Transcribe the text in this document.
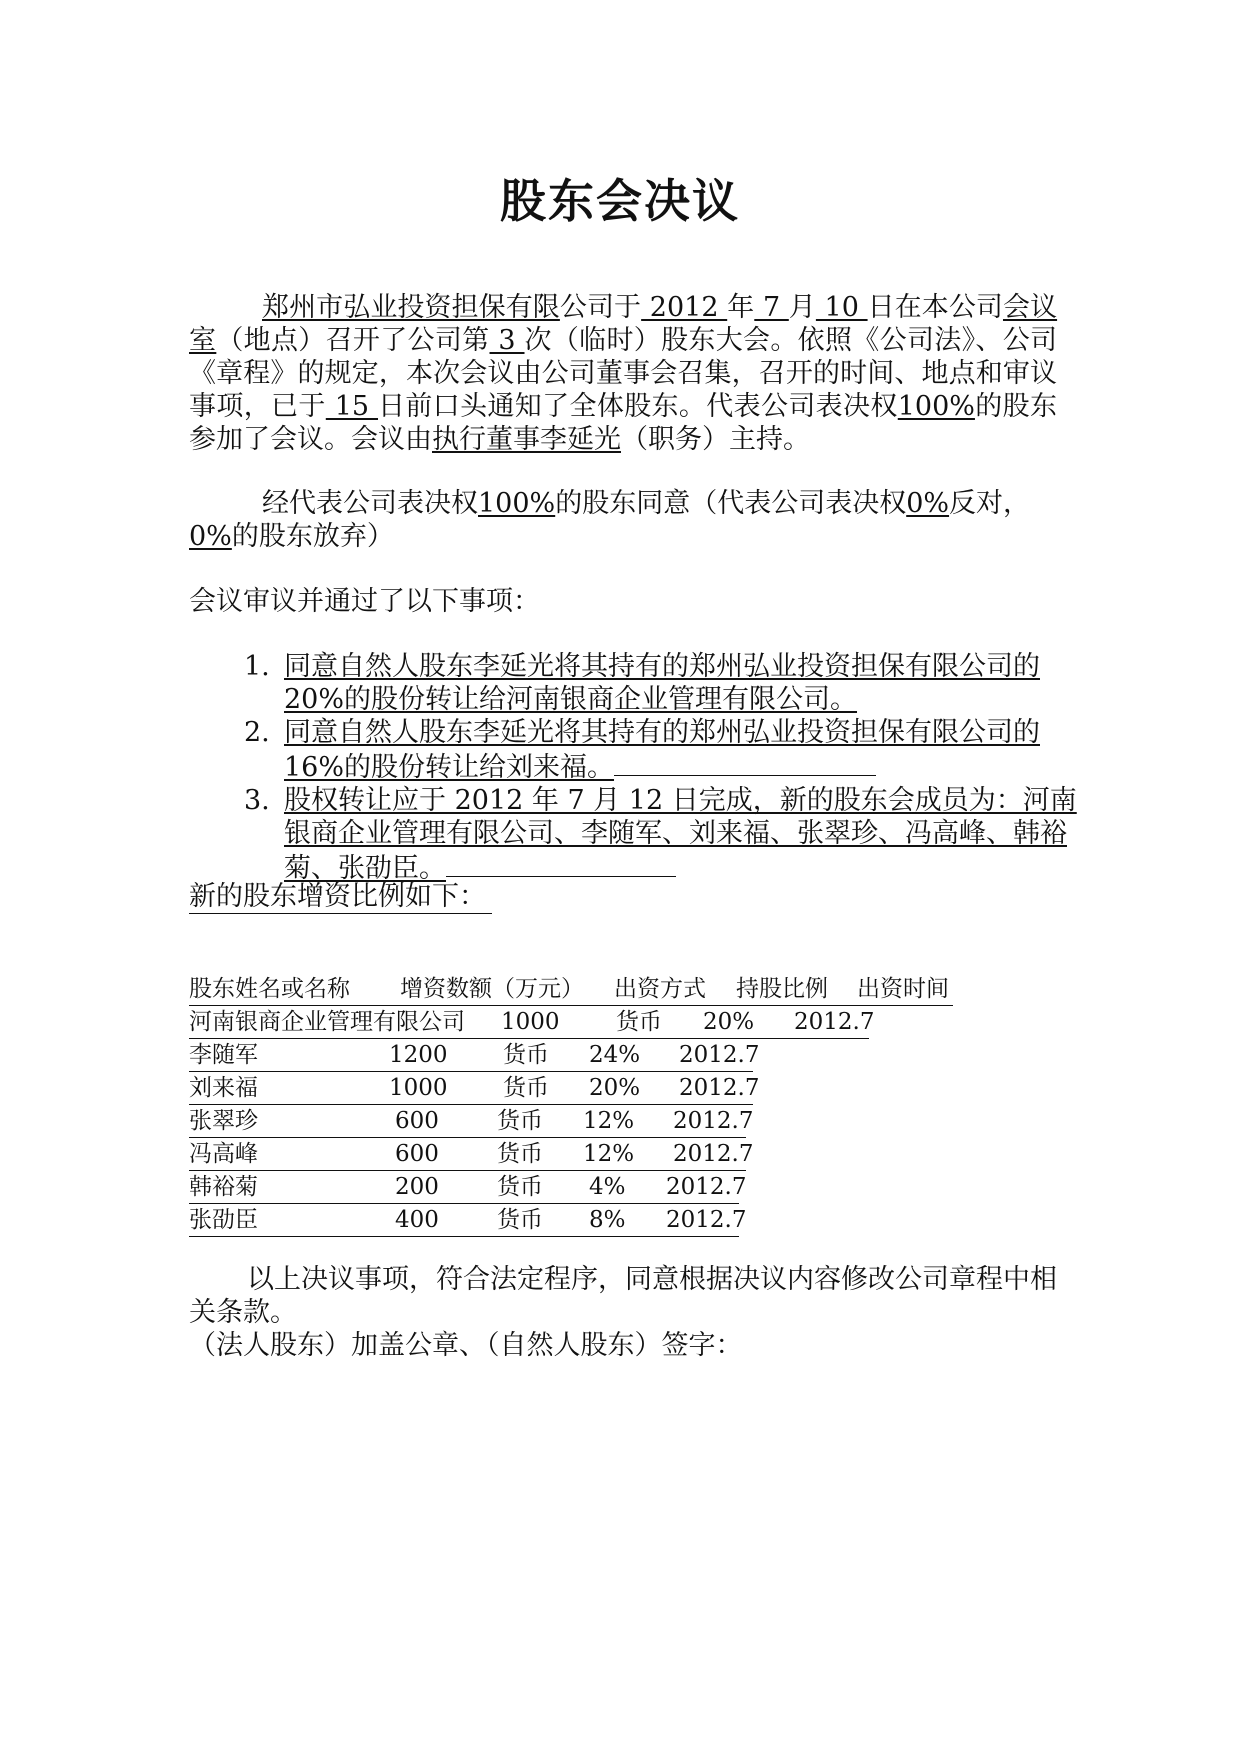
股东会决议
郑州市弘业投资担保有限公司于 2012 年 7 月 10 日在本公司会议室（地点）召开了公司第 3 次（临时）股东大会。依照《公司法》、公司《章程》的规定，本次会议由公司董事会召集，召开的时间、地点和审议事项，已于 15 日前口头通知了全体股东。代表公司表决权100%的股东参加了会议。会议由执行董事李延光（职务）主持。
经代表公司表决权100%的股东同意（代表公司表决权0%反对，0%的股东放弃）
会议审议并通过了以下事项：
1. 同意自然人股东李延光将其持有的郑州弘业投资担保有限公司的 20%的股份转让给河南银商企业管理有限公司。
2. 同意自然人股东李延光将其持有的郑州弘业投资担保有限公司的 16%的股份转让给刘来福。
3. 股权转让应于 2012 年 7 月 12 日完成，新的股东会成员为：河南银商企业管理有限公司、李随军、刘来福、张翠珍、冯高峰、韩裕菊、张劭臣。
新的股东增资比例如下：
股东姓名或名称 增资数额（万元） 出资方式 持股比例 出资时间
河南银商企业管理有限公司 1000 货币 20% 2012.7
李随军	1200 货币 24% 2012.7
刘来福	1000 货币 20% 2012.7
张翠珍	600	货币 12% 2012.7
冯高峰	600	货币 12% 2012.7
韩裕菊	200	货币 4% 2012.7
张劭臣	400	货币 8% 2012.7
以上决议事项，符合法定程序，同意根据决议内容修改公司章程中相关条款。
（法人股东）加盖公章、（自然人股东）签字：
